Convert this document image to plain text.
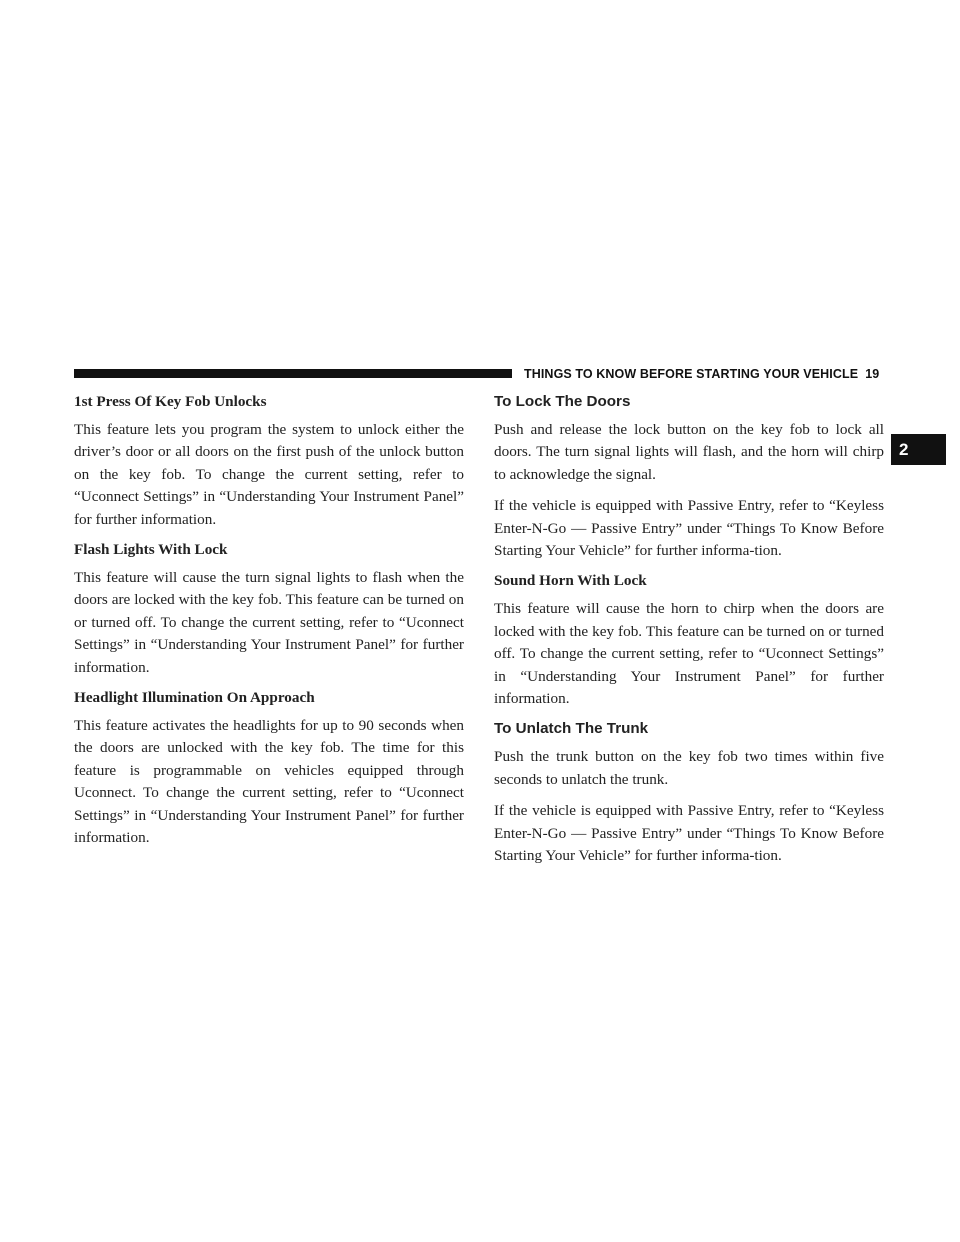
THINGS TO KNOW BEFORE STARTING YOUR VEHICLE 19
2
1st Press Of Key Fob Unlocks

This feature lets you program the system to unlock either the driver’s door or all doors on the first push of the unlock button on the key fob. To change the current setting, refer to “Uconnect Settings” in “Understanding Your Instrument Panel” for further information.

Flash Lights With Lock

This feature will cause the turn signal lights to flash when the doors are locked with the key fob. This feature can be turned on or turned off. To change the current setting, refer to “Uconnect Settings” in “Understanding Your Instrument Panel” for further information.

Headlight Illumination On Approach

This feature activates the headlights for up to 90 seconds when the doors are unlocked with the key fob. The time for this feature is programmable on vehicles equipped through Uconnect. To change the current setting, refer to “Uconnect Settings” in “Understanding Your Instrument Panel” for further information.

To Lock The Doors

Push and release the lock button on the key fob to lock all doors. The turn signal lights will flash, and the horn will chirp to acknowledge the signal.

If the vehicle is equipped with Passive Entry, refer to “Keyless Enter-N-Go — Passive Entry” under “Things To Know Before Starting Your Vehicle” for further informa-tion.

Sound Horn With Lock

This feature will cause the horn to chirp when the doors are locked with the key fob. This feature can be turned on or turned off. To change the current setting, refer to “Uconnect Settings” in “Understanding Your Instrument Panel” for further information.

To Unlatch The Trunk

Push the trunk button on the key fob two times within five seconds to unlatch the trunk.

If the vehicle is equipped with Passive Entry, refer to “Keyless Enter-N-Go — Passive Entry” under “Things To Know Before Starting Your Vehicle” for further informa-tion.
